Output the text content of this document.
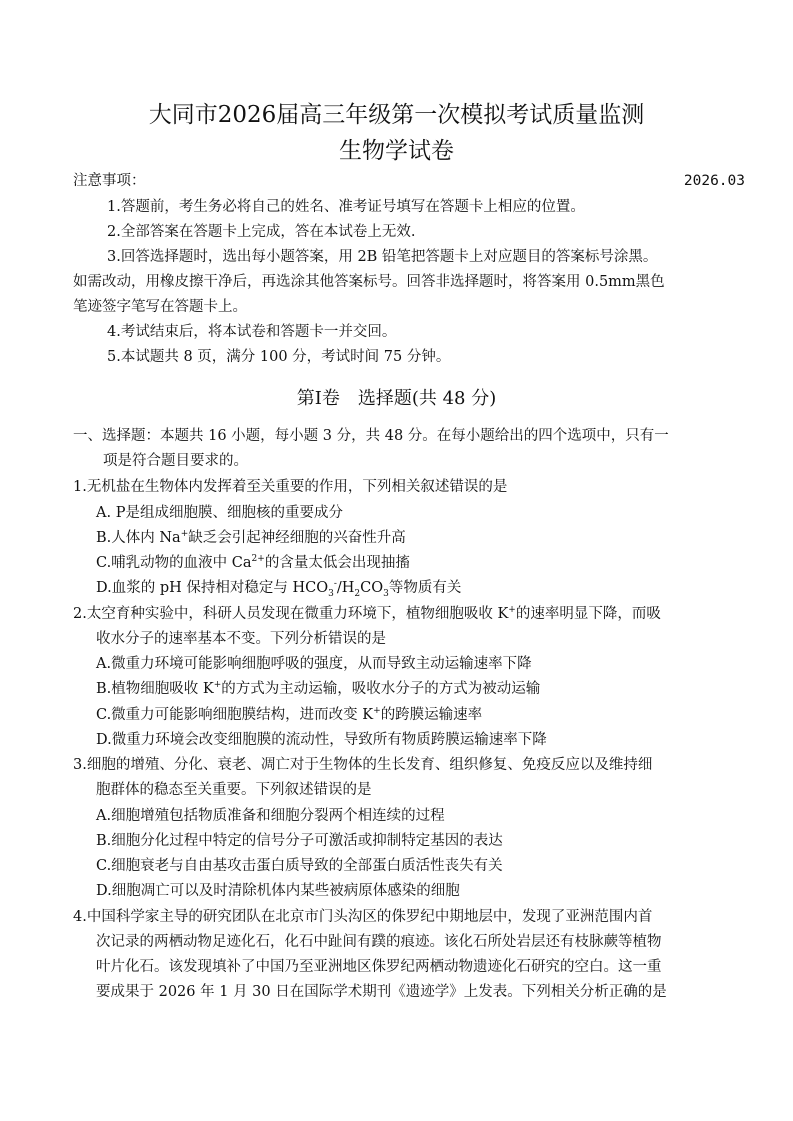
大同市2026届高三年级第一次模拟考试质量监测
生物学试卷
注意事项：	2026.03
1.答题前，考生务必将自己的姓名、准考证号填写在答题卡上相应的位置。
2.全部答案在答题卡上完成，答在本试卷上无效.
3.回答选择题时，选出每小题答案，用 2B 铅笔把答题卡上对应题目的答案标号涂黑。
如需改动，用橡皮擦干净后，再选涂其他答案标号。回答非选择题时，将答案用 0.5mm黑色
笔迹签字笔写在答题卡上。
4.考试结束后，将本试卷和答题卡一并交回。
5.本试题共 8 页，满分 100 分，考试时间 75 分钟。
第Ⅰ卷　选择题(共 48 分)
一、选择题：本题共 16 小题，每小题 3 分，共 48 分。在每小题给出的四个选项中，只有一
项是符合题目要求的。
1.无机盐在生物体内发挥着至关重要的作用，下列相关叙述错误的是
A. P是组成细胞膜、细胞核的重要成分
B.人体内 Na+缺乏会引起神经细胞的兴奋性升高
C.哺乳动物的血液中 $Ca^{2+}$的含量太低会出现抽搐
D.血浆的 pH 保持相对稳定与 $HCO_3^-/H_2CO_3$等物质有关
2.太空育种实验中，科研人员发现在微重力环境下，植物细胞吸收 K+的速率明显下降，而吸
收水分子的速率基本不变。下列分析错误的是
A.微重力环境可能影响细胞呼吸的强度，从而导致主动运输速率下降
B.植物细胞吸收 K+的方式为主动运输，吸收水分子的方式为被动运输
C.微重力可能影响细胞膜结构，进而改变 K+的跨膜运输速率
D.微重力环境会改变细胞膜的流动性，导致所有物质跨膜运输速率下降
3.细胞的增殖、分化、衰老、凋亡对于生物体的生长发育、组织修复、免疫反应以及维持细
胞群体的稳态至关重要。下列叙述错误的是
A.细胞增殖包括物质准备和细胞分裂两个相连续的过程
B.细胞分化过程中特定的信号分子可激活或抑制特定基因的表达
C.细胞衰老与自由基攻击蛋白质导致的全部蛋白质活性丧失有关
D.细胞凋亡可以及时清除机体内某些被病原体感染的细胞
4.中国科学家主导的研究团队在北京市门头沟区的侏罗纪中期地层中，发现了亚洲范围内首
次记录的两栖动物足迹化石，化石中趾间有蹼的痕迹。该化石所处岩层还有枝脉蕨等植物
叶片化石。该发现填补了中国乃至亚洲地区侏罗纪两栖动物遗迹化石研究的空白。这一重
要成果于 2026 年 1 月 30 日在国际学术期刊《遗迹学》上发表。下列相关分析正确的是
